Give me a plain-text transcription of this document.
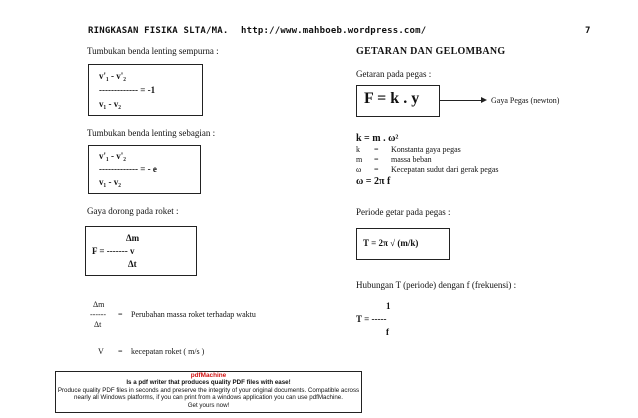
RINGKASAN FISIKA SLTA/MA. http://www.mahboeb.wordpress.com/	7
Tumbukan benda lenting sempurna :
v'₁ - v'₂
------------- = -1
v₁ - v₂
Tumbukan benda lenting sebagian :
v'₁ - v'₂
------------- = - e
v₁ - v₂
Gaya dorong pada roket :
Δm
F = ------- v
Δt
Δm
------ = Perubahan massa roket terhadap waktu
Δt
V = kecepatan roket ( m/s )
GETARAN DAN GELOMBANG
Getaran pada pegas :
F = k . y	Gaya Pegas (newton)
k = m . ω²
k = Konstanta gaya pegas
m = massa beban
ω = Kecepatan sudut dari gerak pegas
ω = 2π f
Periode getar pada pegas :
T = 2π √ (m/k)
Hubungan T (periode) dengan f (frekuensi) :
1
T = -----
f
pdfMachine
Is a pdf writer that produces quality PDF files with ease!
Produce quality PDF files in seconds and preserve the integrity of your original documents. Compatible across nearly all Windows platforms, if you can print from a windows application you can use pdfMachine.
Get yours now!
